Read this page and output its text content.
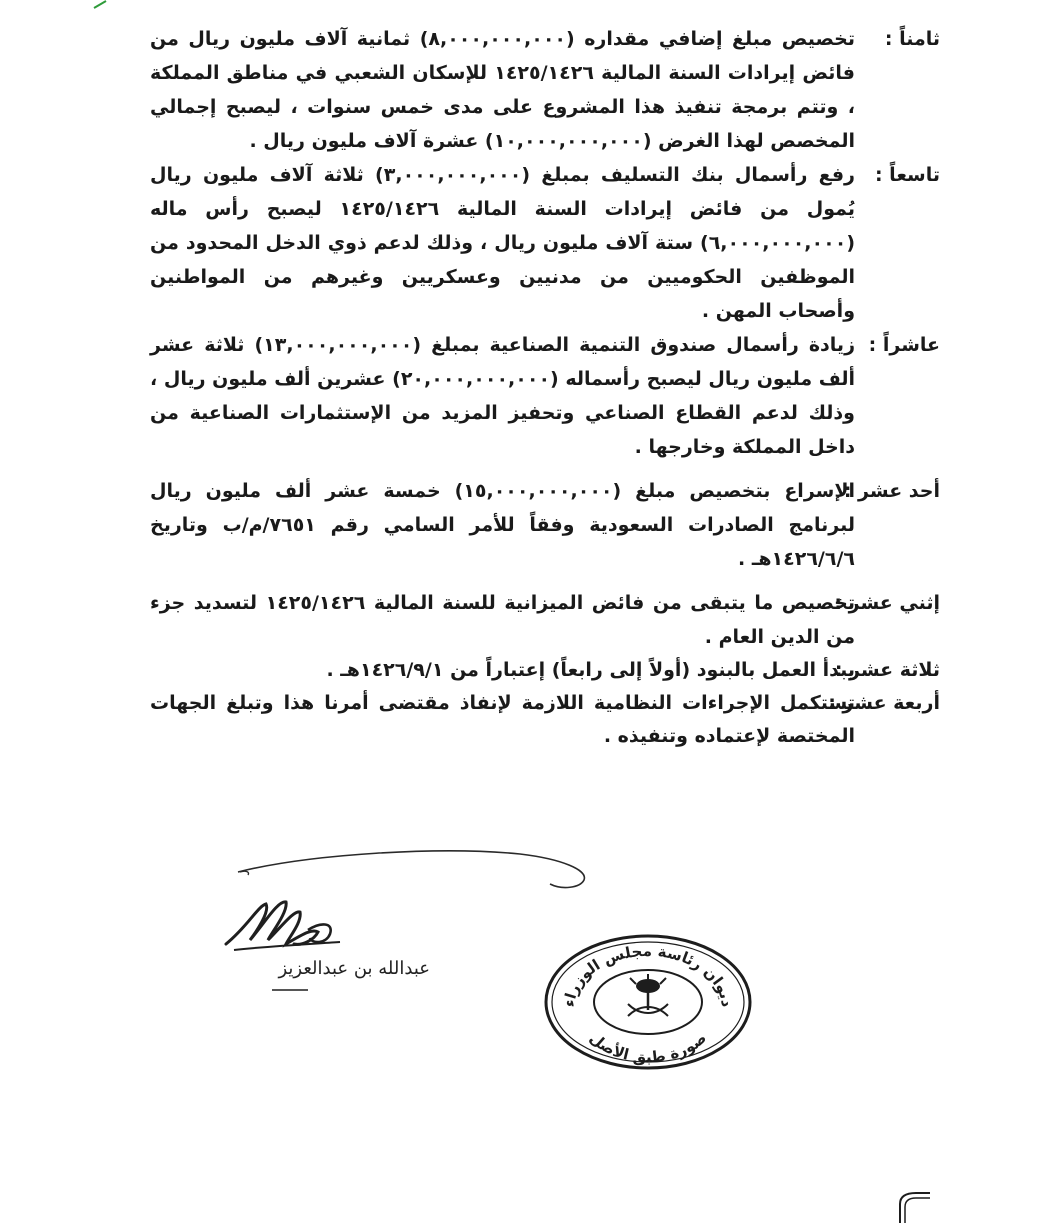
ثامناً :
تخصيص مبلغ إضافي مقداره (٨,٠٠٠,٠٠٠,٠٠٠) ثمانية آلاف مليون ريال من فائض إيرادات السنة المالية ١٤٢٥/١٤٢٦ للإسكان الشعبي في مناطق المملكة ، وتتم برمجة تنفيذ هذا المشروع على مدى خمس سنوات ، ليصبح إجمالي المخصص لهذا الغرض (١٠,٠٠٠,٠٠٠,٠٠٠) عشرة آلاف مليون ريال .
تاسعاً :
رفع رأسمال بنك التسليف بمبلغ (٣,٠٠٠,٠٠٠,٠٠٠) ثلاثة آلاف مليون ريال يُمول من فائض إيرادات السنة المالية ١٤٢٥/١٤٢٦ ليصبح رأس ماله (٦,٠٠٠,٠٠٠,٠٠٠) ستة آلاف مليون ريال ، وذلك لدعم ذوي الدخل المحدود من الموظفين الحكوميين من مدنيين وعسكريين وغيرهم من المواطنين وأصحاب المهن .
عاشراً :
زيادة رأسمال صندوق التنمية الصناعية بمبلغ (١٣,٠٠٠,٠٠٠,٠٠٠) ثلاثة عشر ألف مليون ريال ليصبح رأسماله (٢٠,٠٠٠,٠٠٠,٠٠٠) عشرين ألف مليون ريال ، وذلك لدعم القطاع الصناعي وتحفيز المزيد من الإستثمارات الصناعية من داخل المملكة وخارجها .
أحد عشر :
الإسراع بتخصيص مبلغ (١٥,٠٠٠,٠٠٠,٠٠٠) خمسة عشر ألف مليون ريال لبرنامج الصادرات السعودية وفقاً للأمر السامي رقم ٧٦٥١/م/ب وتاريخ ١٤٢٦/٦/٦هـ .
إثني عشر :
تخصيص ما يتبقى من فائض الميزانية للسنة المالية ١٤٢٥/١٤٢٦ لتسديد جزء من الدين العام .
ثلاثة عشر :
يبدأ العمل بالبنود (أولاً إلى رابعاً) إعتباراً من ١٤٢٦/٩/١هـ .
أربعة عشر :
تستكمل الإجراءات النظامية اللازمة لإنفاذ مقتضى أمرنا هذا وتبلغ الجهات المختصة لإعتماده وتنفيذه .
عبدالله بن عبدالعزيز
ديوان رئاسة مجلس الوزراء
صورة طبق الأصل
